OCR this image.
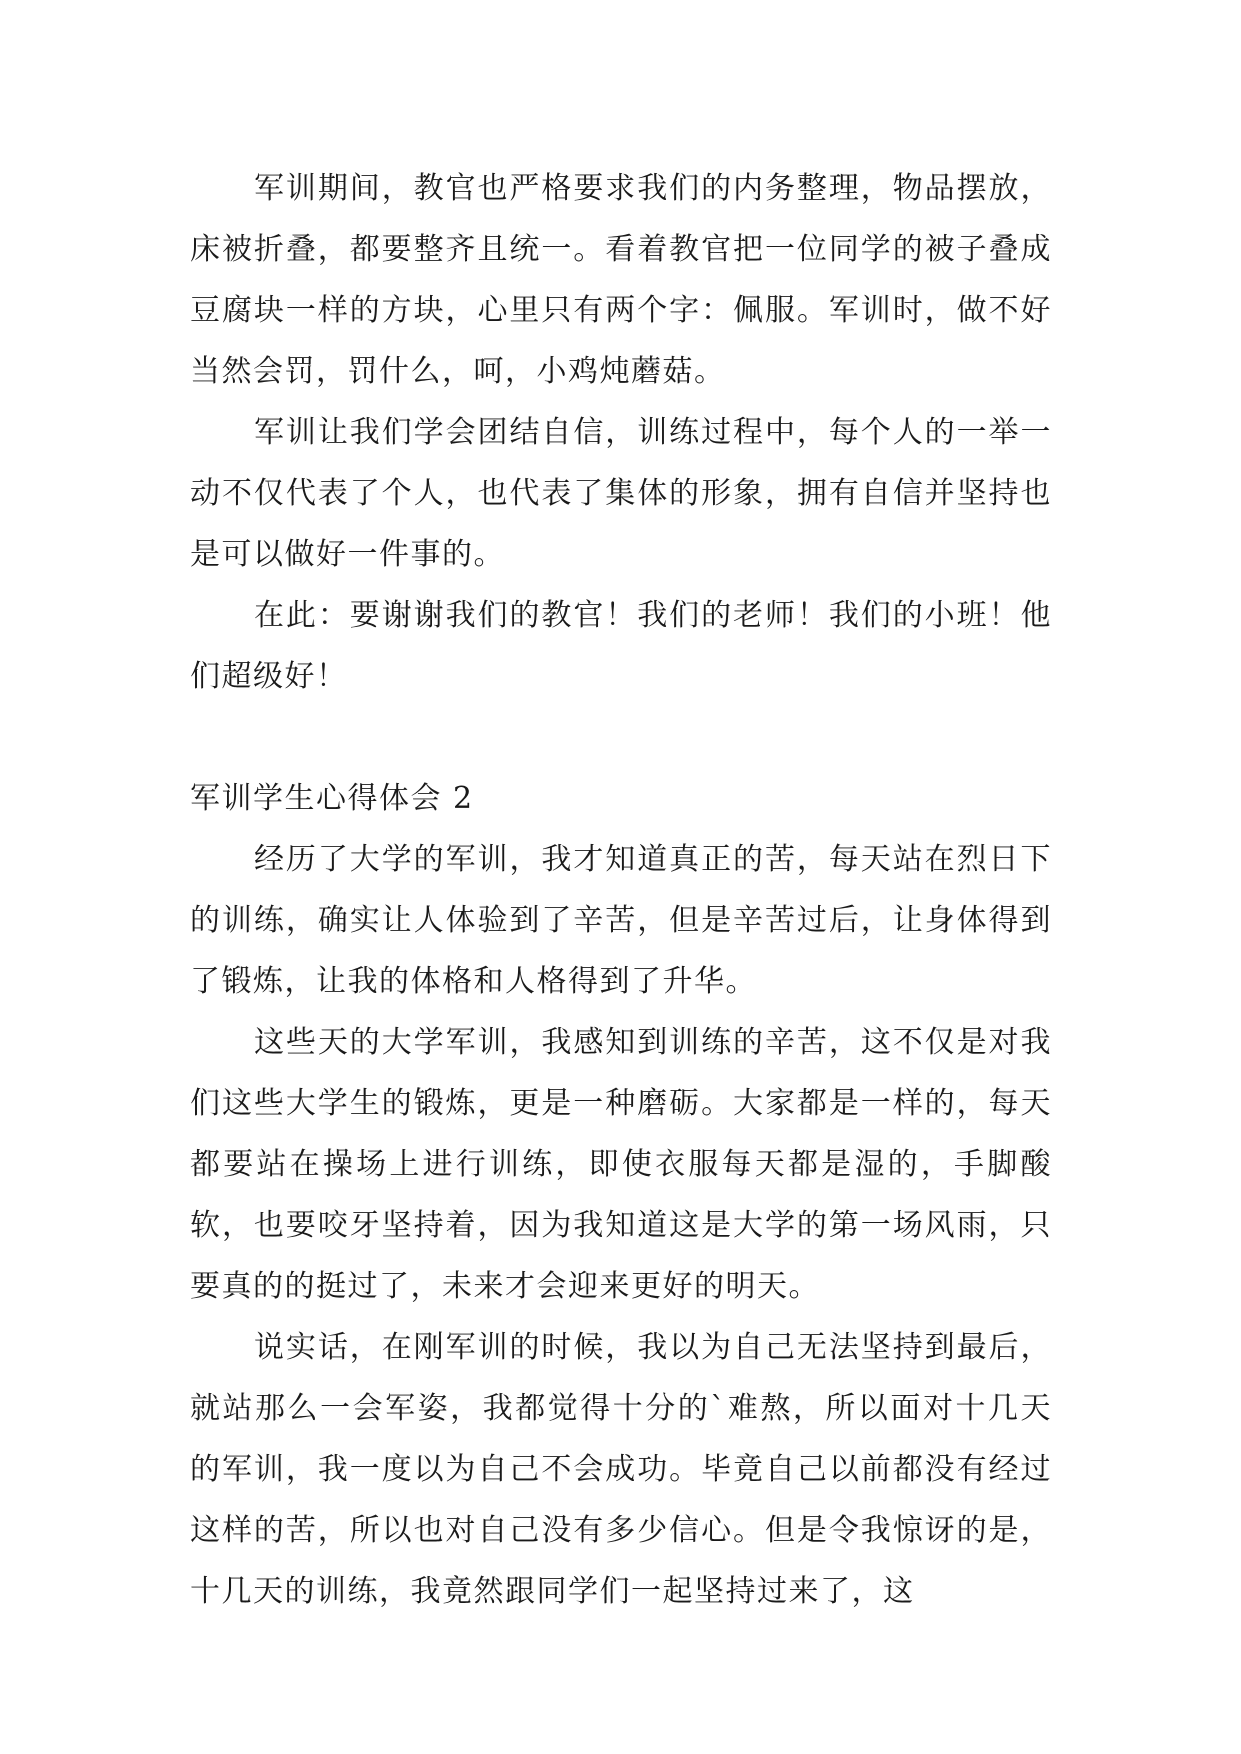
军训期间，教官也严格要求我们的内务整理，物品摆放，床被折叠，都要整齐且统一。看着教官把一位同学的被子叠成豆腐块一样的方块，心里只有两个字：佩服。军训时，做不好当然会罚，罚什么，呵，小鸡炖蘑菇。

军训让我们学会团结自信，训练过程中，每个人的一举一动不仅代表了个人，也代表了集体的形象，拥有自信并坚持也是可以做好一件事的。

在此：要谢谢我们的教官！我们的老师！我们的小班！他们超级好！

军训学生心得体会 2

经历了大学的军训，我才知道真正的苦，每天站在烈日下的训练，确实让人体验到了辛苦，但是辛苦过后，让身体得到了锻炼，让我的体格和人格得到了升华。

这些天的大学军训，我感知到训练的辛苦，这不仅是对我们这些大学生的锻炼，更是一种磨砺。大家都是一样的，每天都要站在操场上进行训练，即使衣服每天都是湿的，手脚酸软，也要咬牙坚持着，因为我知道这是大学的第一场风雨，只要真的的挺过了，未来才会迎来更好的明天。

说实话，在刚军训的时候，我以为自己无法坚持到最后，就站那么一会军姿，我都觉得十分的`难熬，所以面对十几天的军训，我一度以为自己不会成功。毕竟自己以前都没有经过这样的苦，所以也对自己没有多少信心。但是令我惊讶的是，十几天的训练，我竟然跟同学们一起坚持过来了，这
